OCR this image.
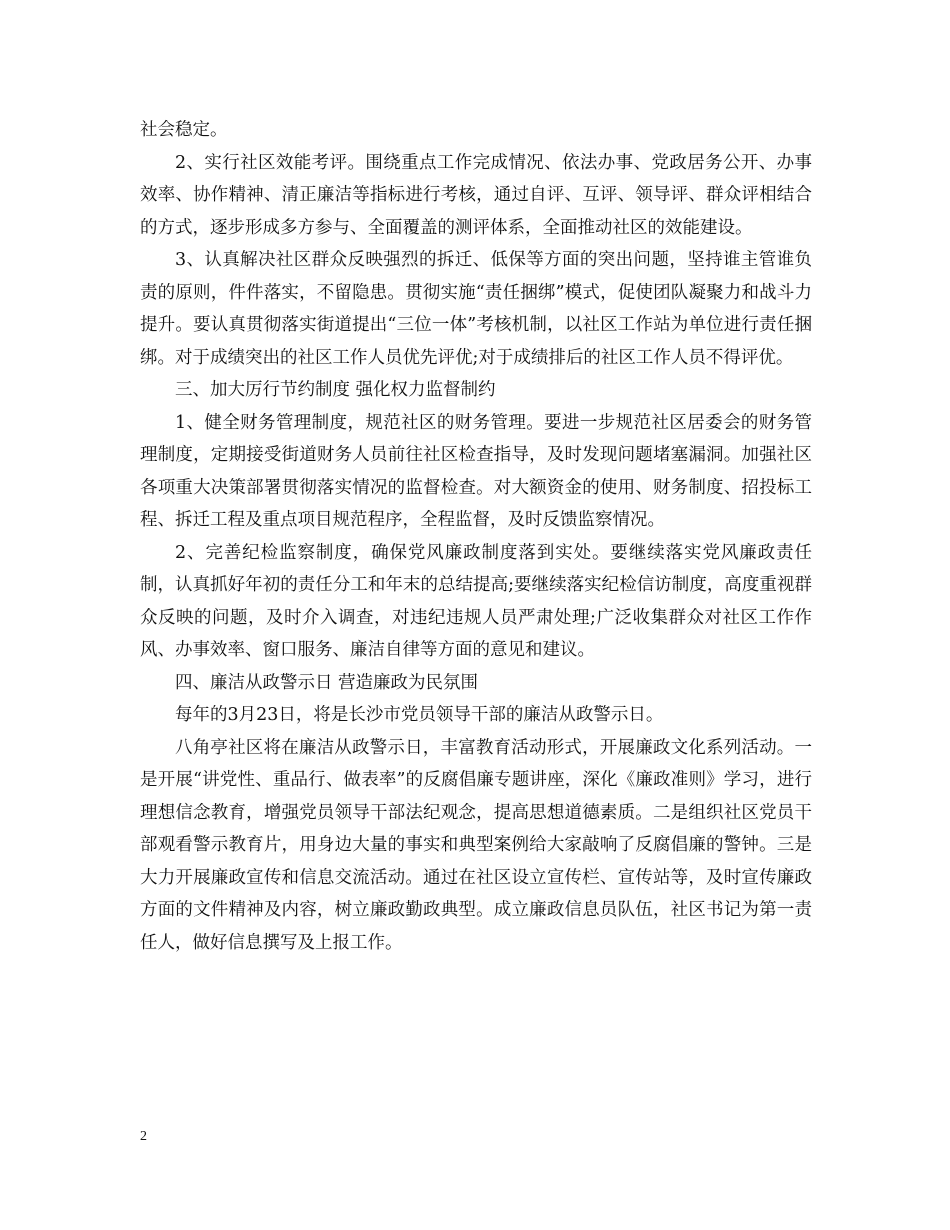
社会稳定。

2、实行社区效能考评。围绕重点工作完成情况、依法办事、党政居务公开、办事效率、协作精神、清正廉洁等指标进行考核，通过自评、互评、领导评、群众评相结合的方式，逐步形成多方参与、全面覆盖的测评体系，全面推动社区的效能建设。

3、认真解决社区群众反映强烈的拆迁、低保等方面的突出问题，坚持谁主管谁负责的原则，件件落实，不留隐患。贯彻实施“责任捆绑”模式，促使团队凝聚力和战斗力提升。要认真贯彻落实街道提出“三位一体”考核机制，以社区工作站为单位进行责任捆绑。对于成绩突出的社区工作人员优先评优;对于成绩排后的社区工作人员不得评优。

三、加大厉行节约制度 强化权力监督制约

1、健全财务管理制度，规范社区的财务管理。要进一步规范社区居委会的财务管理制度，定期接受街道财务人员前往社区检查指导，及时发现问题堵塞漏洞。加强社区各项重大决策部署贯彻落实情况的监督检查。对大额资金的使用、财务制度、招投标工程、拆迁工程及重点项目规范程序，全程监督，及时反馈监察情况。

2、完善纪检监察制度，确保党风廉政制度落到实处。要继续落实党风廉政责任制，认真抓好年初的责任分工和年末的总结提高;要继续落实纪检信访制度，高度重视群众反映的问题，及时介入调查，对违纪违规人员严肃处理;广泛收集群众对社区工作作风、办事效率、窗口服务、廉洁自律等方面的意见和建议。

四、廉洁从政警示日 营造廉政为民氛围

每年的3月23日，将是长沙市党员领导干部的廉洁从政警示日。

八角亭社区将在廉洁从政警示日，丰富教育活动形式，开展廉政文化系列活动。一是开展“讲党性、重品行、做表率”的反腐倡廉专题讲座，深化《廉政准则》学习，进行理想信念教育，增强党员领导干部法纪观念，提高思想道德素质。二是组织社区党员干部观看警示教育片，用身边大量的事实和典型案例给大家敲响了反腐倡廉的警钟。三是大力开展廉政宣传和信息交流活动。通过在社区设立宣传栏、宣传站等，及时宣传廉政方面的文件精神及内容，树立廉政勤政典型。成立廉政信息员队伍，社区书记为第一责任人，做好信息撰写及上报工作。

2
